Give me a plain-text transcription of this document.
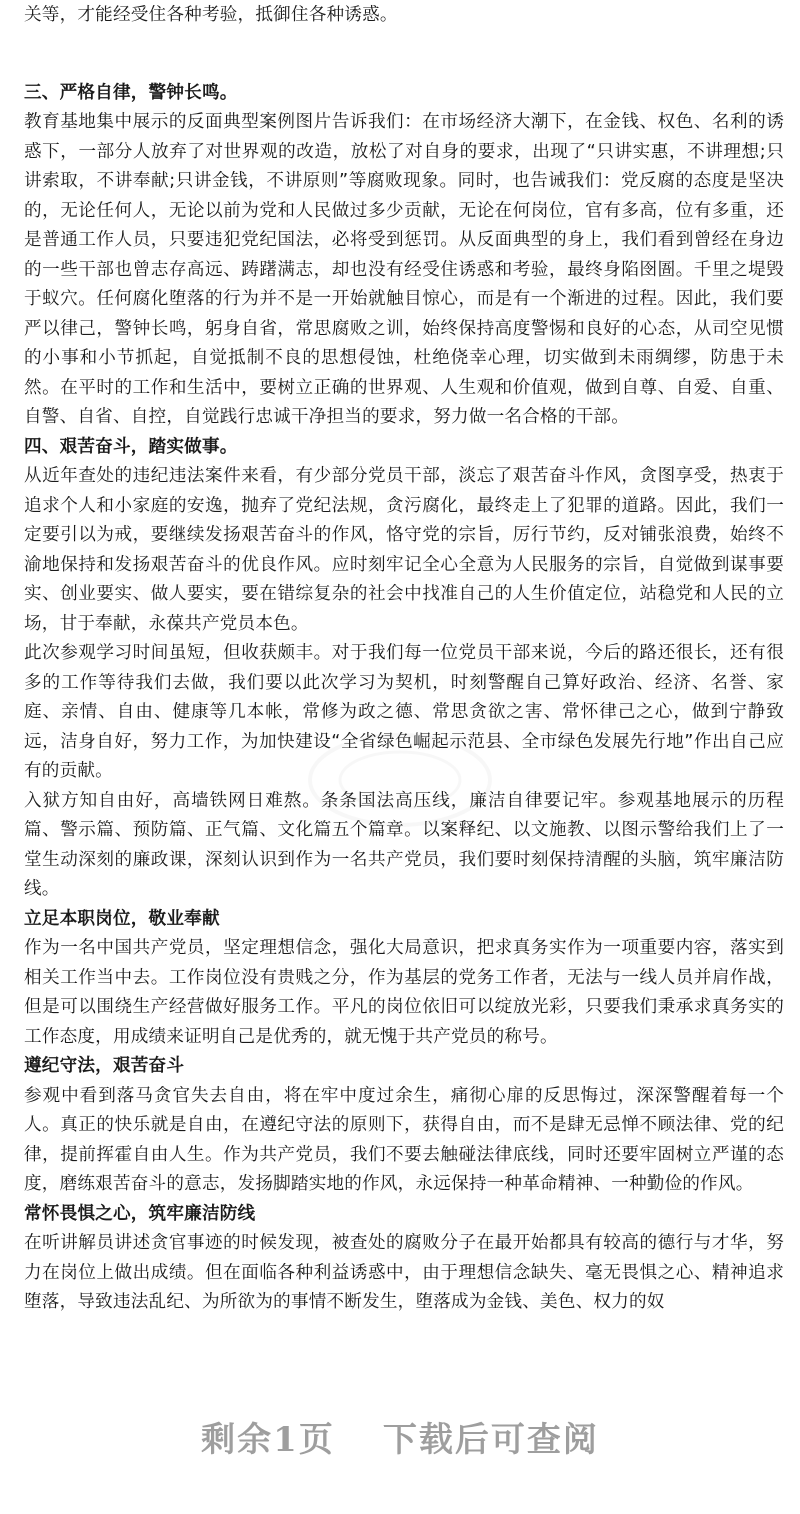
关等，才能经受住各种考验，抵御住各种诱惑。

三、严格自律，警钟长鸣。

教育基地集中展示的反面典型案例图片告诉我们：在市场经济大潮下，在金钱、权色、名利的诱惑下，一部分人放弃了对世界观的改造，放松了对自身的要求，出现了“只讲实惠，不讲理想;只讲索取，不讲奉献;只讲金钱，不讲原则”等腐败现象。同时，也告诫我们：党反腐的态度是坚决的，无论任何人，无论以前为党和人民做过多少贡献，无论在何岗位，官有多高，位有多重，还是普通工作人员，只要违犯党纪国法，必将受到惩罚。从反面典型的身上，我们看到曾经在身边的一些干部也曾志存高远、踌躇满志，却也没有经受住诱惑和考验，最终身陷囹圄。千里之堤毁于蚁穴。任何腐化堕落的行为并不是一开始就触目惊心，而是有一个渐进的过程。因此，我们要严以律己，警钟长鸣，躬身自省，常思腐败之训，始终保持高度警惕和良好的心态，从司空见惯的小事和小节抓起，自觉抵制不良的思想侵蚀，杜绝侥幸心理，切实做到未雨绸缪，防患于未然。在平时的工作和生活中，要树立正确的世界观、人生观和价值观，做到自尊、自爱、自重、自警、自省、自控，自觉践行忠诚干净担当的要求，努力做一名合格的干部。

四、艰苦奋斗，踏实做事。

从近年查处的违纪违法案件来看，有少部分党员干部，淡忘了艰苦奋斗作风，贪图享受，热衷于追求个人和小家庭的安逸，抛弃了党纪法规，贪污腐化，最终走上了犯罪的道路。因此，我们一定要引以为戒，要继续发扬艰苦奋斗的作风，恪守党的宗旨，厉行节约，反对铺张浪费，始终不渝地保持和发扬艰苦奋斗的优良作风。应时刻牢记全心全意为人民服务的宗旨，自觉做到谋事要实、创业要实、做人要实，要在错综复杂的社会中找准自己的人生价值定位，站稳党和人民的立场，甘于奉献，永葆共产党员本色。

此次参观学习时间虽短，但收获颇丰。对于我们每一位党员干部来说，今后的路还很长，还有很多的工作等待我们去做，我们要以此次学习为契机，时刻警醒自己算好政治、经济、名誉、家庭、亲情、自由、健康等几本帐，常修为政之德、常思贪欲之害、常怀律己之心，做到宁静致远，洁身自好，努力工作，为加快建设“全省绿色崛起示范县、全市绿色发展先行地”作出自己应有的贡献。

入狱方知自由好，高墙铁网日难熬。条条国法高压线，廉洁自律要记牢。参观基地展示的历程篇、警示篇、预防篇、正气篇、文化篇五个篇章。以案释纪、以文施教、以图示警给我们上了一堂生动深刻的廉政课，深刻认识到作为一名共产党员，我们要时刻保持清醒的头脑，筑牢廉洁防线。

立足本职岗位，敬业奉献

作为一名中国共产党员，坚定理想信念，强化大局意识，把求真务实作为一项重要内容，落实到相关工作当中去。工作岗位没有贵贱之分，作为基层的党务工作者，无法与一线人员并肩作战，但是可以围绕生产经营做好服务工作。平凡的岗位依旧可以绽放光彩，只要我们秉承求真务实的工作态度，用成绩来证明自己是优秀的，就无愧于共产党员的称号。

遵纪守法，艰苦奋斗

参观中看到落马贪官失去自由，将在牢中度过余生，痛彻心扉的反思悔过，深深警醒着每一个人。真正的快乐就是自由，在遵纪守法的原则下，获得自由，而不是肆无忌惮不顾法律、党的纪律，提前挥霍自由人生。作为共产党员，我们不要去触碰法律底线，同时还要牢固树立严谨的态度，磨练艰苦奋斗的意志，发扬脚踏实地的作风，永远保持一种革命精神、一种勤俭的作风。

常怀畏惧之心，筑牢廉洁防线

在听讲解员讲述贪官事迹的时候发现，被查处的腐败分子在最开始都具有较高的德行与才华，努力在岗位上做出成绩。但在面临各种利益诱惑中，由于理想信念缺失、毫无畏惧之心、精神追求堕落，导致违法乱纪、为所欲为的事情不断发生，堕落成为金钱、美色、权力的奴

剩余1页 下载后可查阅
